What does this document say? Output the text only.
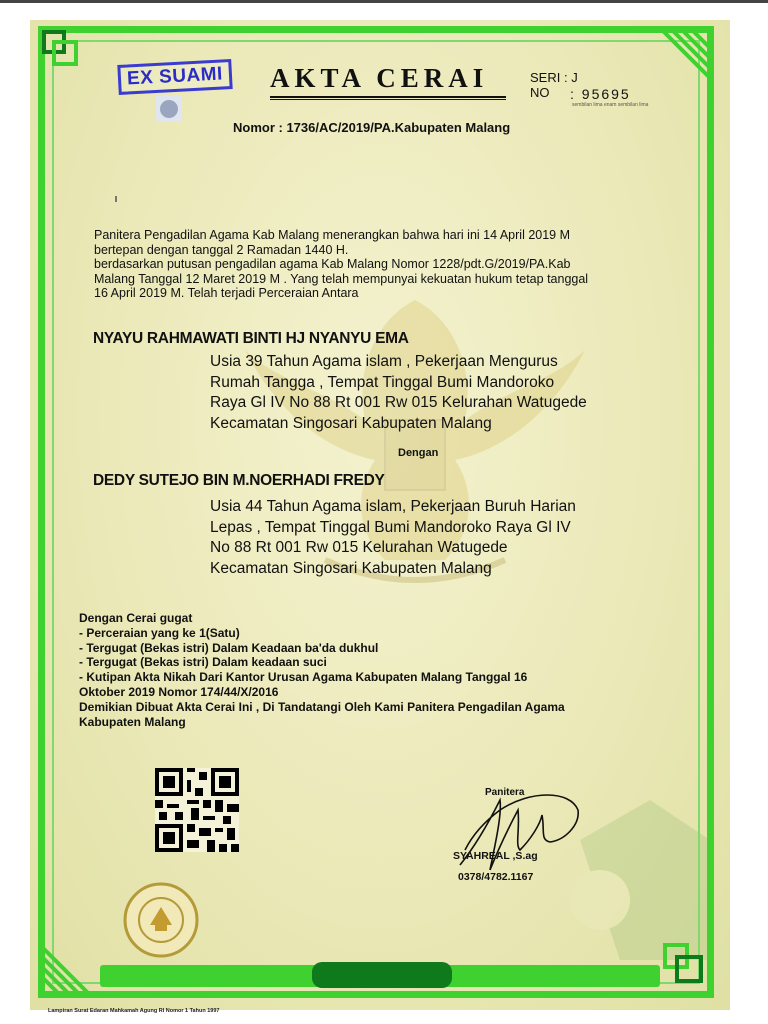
EX SUAMI	AKTA CERAI	SERI : J
NO	: 95695
sembilan lima enam sembilan lima
Nomor : 1736/AC/2019/PA.Kabupaten Malang
Panitera Pengadilan Agama Kab Malang menerangkan bahwa hari ini 14 April 2019 M
bertepan dengan tanggal 2 Ramadan 1440 H.
berdasarkan putusan pengadilan agama Kab Malang Nomor 1228/pdt.G/2019/PA.Kab
Malang Tanggal 12 Maret 2019 M . Yang telah mempunyai kekuatan hukum tetap tanggal
16 April 2019 M. Telah terjadi Perceraian Antara
NYAYU RAHMAWATI BINTI HJ NYANYU EMA
Usia 39 Tahun Agama islam , Pekerjaan Mengurus
Rumah Tangga , Tempat Tinggal Bumi Mandoroko
Raya Gl IV No 88 Rt 001 Rw 015 Kelurahan Watugede
Kecamatan Singosari Kabupaten Malang
Dengan
DEDY SUTEJO BIN M.NOERHADI FREDY
Usia 44 Tahun Agama islam, Pekerjaan Buruh Harian
Lepas , Tempat Tinggal Bumi Mandoroko Raya Gl IV
No 88 Rt 001 Rw 015 Kelurahan Watugede
Kecamatan Singosari Kabupaten Malang
Dengan Cerai gugat
- Perceraian yang ke 1(Satu)
- Tergugat (Bekas istri) Dalam Keadaan ba'da dukhul
- Tergugat (Bekas istri) Dalam keadaan suci
- Kutipan Akta Nikah Dari Kantor Urusan Agama Kabupaten Malang Tanggal 16
Oktober 2019 Nomor 174/44/X/2016
Demikian Dibuat Akta Cerai Ini , Di Tandatangi Oleh Kami Panitera Pengadilan Agama
Kabupaten Malang
Panitera
SYAHREAL ,S.ag
0378/4782.1167
Lampiran Surat Edaran Mahkamah Agung RI Nomor 1 Tahun 1997
